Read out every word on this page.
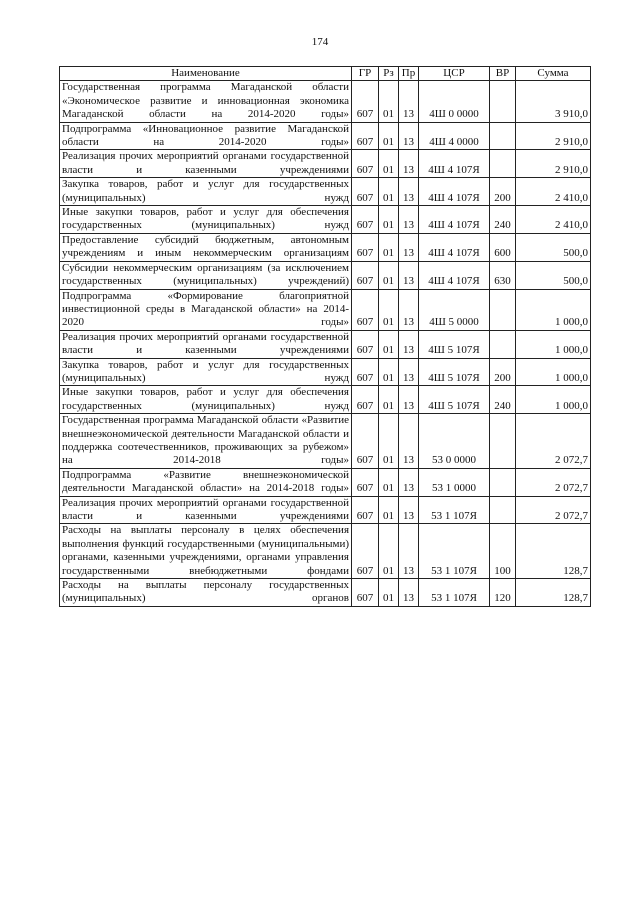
174
Наименование	ГР	Рз	Пр	ЦСР	ВР	Сумма
Государственная программа Магаданской области «Экономическое развитие и инновационная экономика Магаданской области на 2014-2020 годы»	607	01	13	4Ш 0 0000		3 910,0
Подпрограмма «Инновационное развитие Магаданской области на 2014-2020 годы»	607	01	13	4Ш 4 0000		2 910,0
Реализация прочих мероприятий органами государственной власти и казенными учреждениями	607	01	13	4Ш 4 107Я		2 910,0
Закупка товаров, работ и услуг для государственных (муниципальных) нужд	607	01	13	4Ш 4 107Я	200	2 410,0
Иные закупки товаров, работ и услуг для обеспечения государственных (муниципальных) нужд	607	01	13	4Ш 4 107Я	240	2 410,0
Предоставление субсидий бюджетным, автономным учреждениям и иным некоммерческим организациям	607	01	13	4Ш 4 107Я	600	500,0
Субсидии некоммерческим организациям (за исключением государственных (муниципальных) учреждений)	607	01	13	4Ш 4 107Я	630	500,0
Подпрограмма «Формирование благоприятной инвестиционной среды в Магаданской области» на 2014-2020 годы»	607	01	13	4Ш 5 0000		1 000,0
Реализация прочих мероприятий органами государственной власти и казенными учреждениями	607	01	13	4Ш 5 107Я		1 000,0
Закупка товаров, работ и услуг для государственных (муниципальных) нужд	607	01	13	4Ш 5 107Я	200	1 000,0
Иные закупки товаров, работ и услуг для обеспечения государственных (муниципальных) нужд	607	01	13	4Ш 5 107Я	240	1 000,0
Государственная программа Магаданской области «Развитие внешнеэкономической деятельности Магаданской области и поддержка соотечественников, проживающих за рубежом» на 2014-2018 годы»	607	01	13	53 0 0000		2 072,7
Подпрограмма «Развитие внешнеэкономической деятельности Магаданской области» на 2014-2018 годы»	607	01	13	53 1 0000		2 072,7
Реализация прочих мероприятий органами государственной власти и казенными учреждениями	607	01	13	53 1 107Я		2 072,7
Расходы на выплаты персоналу в целях обеспечения выполнения функций государственными (муниципальными) органами, казенными учреждениями, органами управления государственными внебюджетными фондами	607	01	13	53 1 107Я	100	128,7
Расходы на выплаты персоналу государственных (муниципальных) органов	607	01	13	53 1 107Я	120	128,7
